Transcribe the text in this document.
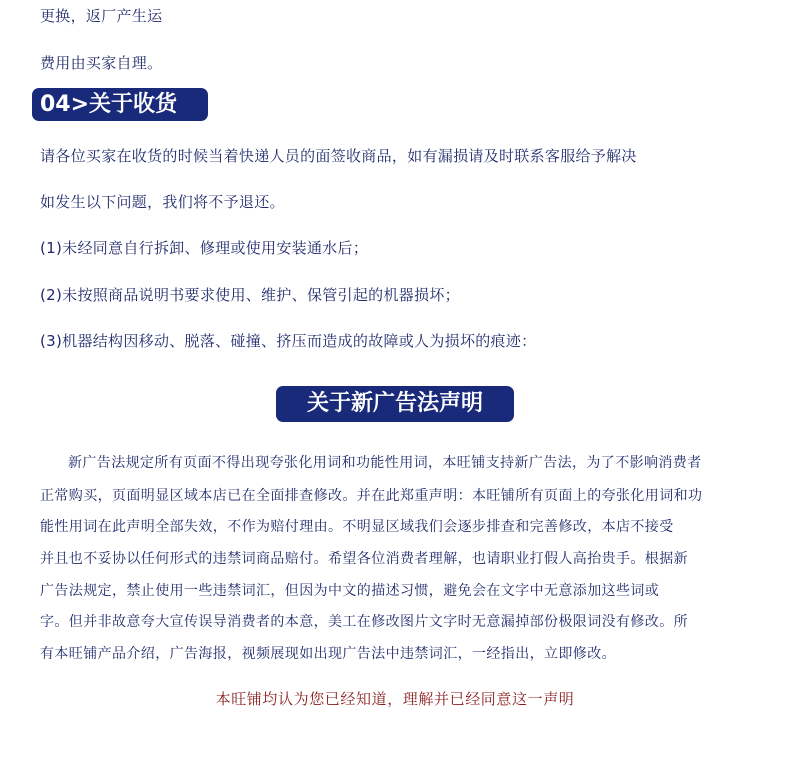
更换，返厂产生运
费用由买家自理。
04>关于收货
请各位买家在收货的时候当着快递人员的面签收商品，如有漏损请及时联系客服给予解决
如发生以下问题，我们将不予退还。
(1)未经同意自行拆卸、修理或使用安装通水后；
(2)未按照商品说明书要求使用、维护、保管引起的机器损坏；
(3)机器结构因移动、脱落、碰撞、挤压而造成的故障或人为损坏的痕迹：
关于新广告法声明
新广告法规定所有页面不得出现夸张化用词和功能性用词，本旺铺支持新广告法，为了不影响消费者
正常购买，页面明显区域本店已在全面排查修改。并在此郑重声明：本旺铺所有页面上的夸张化用词和功
能性用词在此声明全部失效，不作为赔付理由。不明显区域我们会逐步排查和完善修改，本店不接受
并且也不妥协以任何形式的违禁词商品赔付。希望各位消费者理解，也请职业打假人高抬贵手。根据新
广告法规定，禁止使用一些违禁词汇，但因为中文的描述习惯，避免会在文字中无意添加这些词或
字。但并非故意夸大宣传误导消费者的本意，美工在修改图片文字时无意漏掉部份极限词没有修改。所
有本旺铺产品介绍，广告海报，视频展现如出现广告法中违禁词汇，一经指出，立即修改。
本旺铺均认为您已经知道，理解并已经同意这一声明
